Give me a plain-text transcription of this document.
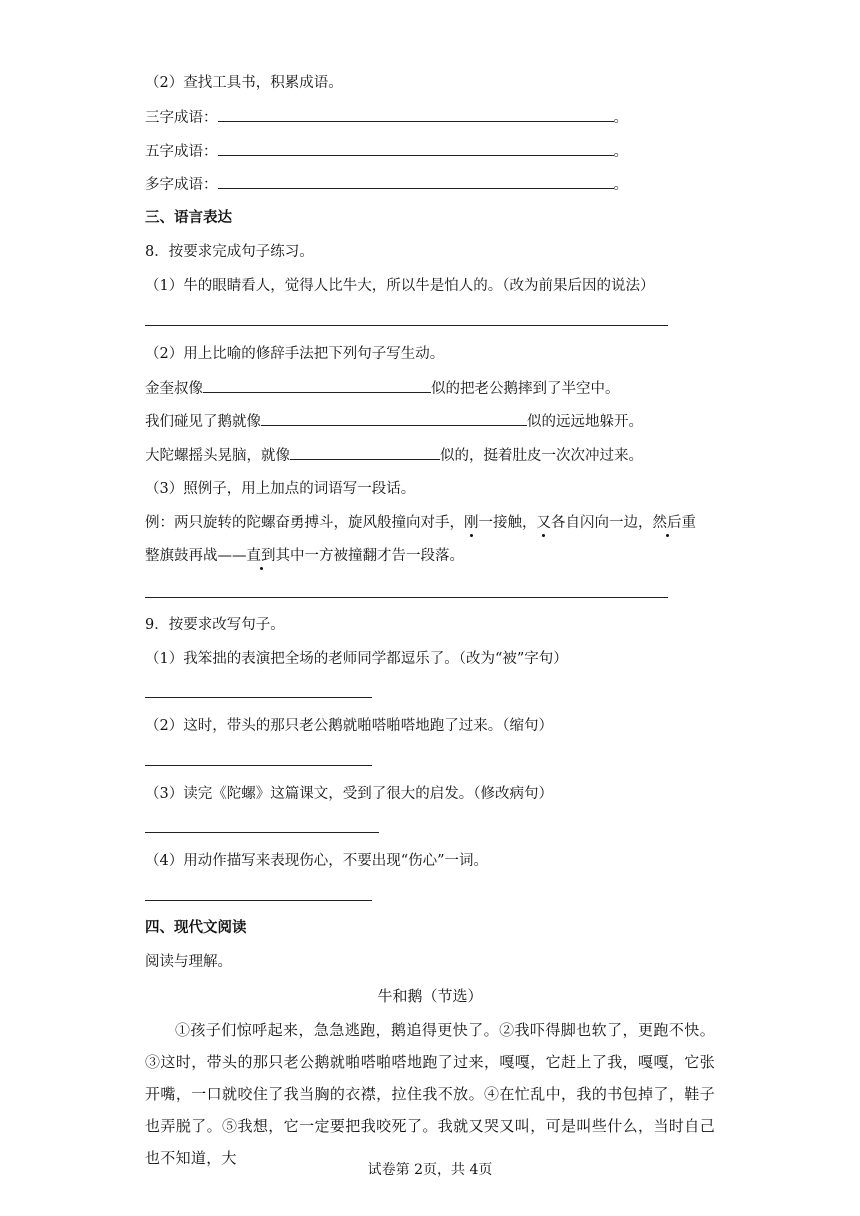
（2）查找工具书，积累成语。
三字成语：	。
五字成语：	。
多字成语：	。
三、语言表达
8．按要求完成句子练习。
（1）牛的眼睛看人，觉得人比牛大，所以牛是怕人的。（改为前果后因的说法）
（2）用上比喻的修辞手法把下列句子写生动。
金奎叔像	似的把老公鹅摔到了半空中。
我们碰见了鹅就像	似的远远地躲开。
大陀螺摇头晃脑，就像	似的，挺着肚皮一次次冲过来。
（3）照例子，用上加点的词语写一段话。
例：两只旋转的陀螺奋勇搏斗，旋风般撞向对手，刚一接触，又各自闪向一边，然后重
整旗鼓再战——直到其中一方被撞翻才告一段落。
9．按要求改写句子。
（1）我笨拙的表演把全场的老师同学都逗乐了。（改为“被”字句）
（2）这时，带头的那只老公鹅就啪嗒啪嗒地跑了过来。（缩句）
（3）读完《陀螺》这篇课文，受到了很大的启发。（修改病句）
（4）用动作描写来表现伤心，不要出现“伤心”一词。
四、现代文阅读
阅读与理解。
牛和鹅（节选）
①孩子们惊呼起来，急急逃跑，鹅追得更快了。②我吓得脚也软了，更跑不快。③这时，带头的那只老公鹅就啪嗒啪嗒地跑了过来，嘎嘎，它赶上了我，嘎嘎，它张开嘴，一口就咬住了我当胸的衣襟，拉住我不放。④在忙乱中，我的书包掉了，鞋子也弄脱了。⑤我想，它一定要把我咬死了。我就又哭又叫，可是叫些什么，当时自己也不知道，大
试卷第 2页，共 4页
